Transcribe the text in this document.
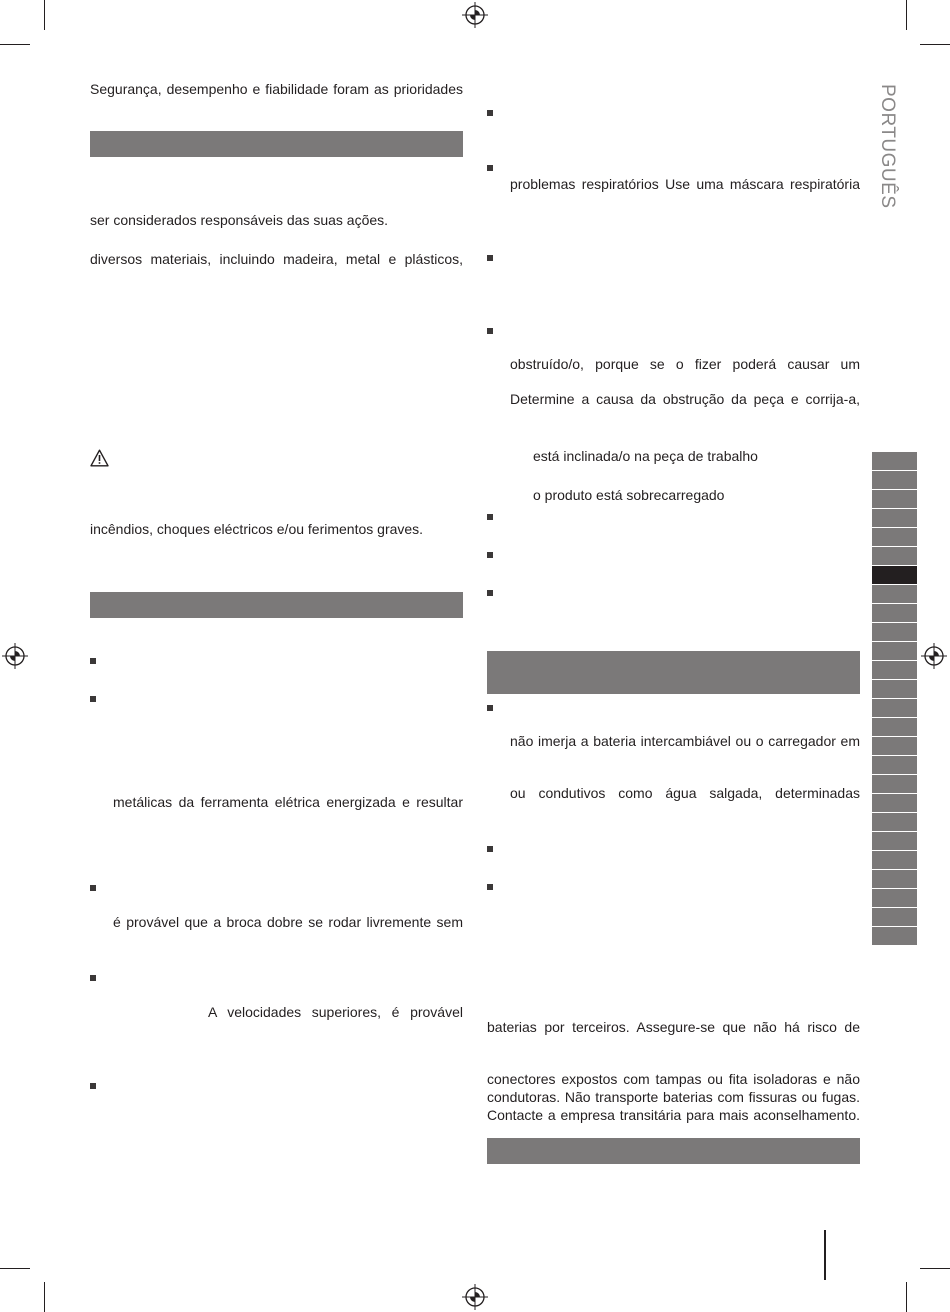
PORTUGUÊS
Segurança, desempenho e fiabilidade foram as prioridades
ser considerados responsáveis das suas ações.
diversos materiais, incluindo madeira, metal e plásticos,
incêndios, choques eléctricos e/ou ferimentos graves.
metálicas da ferramenta elétrica energizada e resultar
é provável que a broca dobre se rodar livremente sem
A velocidades superiores, é provável
problemas respiratórios Use uma máscara respiratória
obstruído/o, porque se o fizer poderá causar um
Determine a causa da obstrução da peça e corrija-a,
está inclinada/o na peça de trabalho
o produto está sobrecarregado
não imerja a bateria intercambiável ou o carregador em
ou condutivos como água salgada, determinadas
baterias por terceiros. Assegure-se que não há risco de
conectores expostos com tampas ou fita isoladoras e não
condutoras. Não transporte baterias com fissuras ou fugas.
Contacte a empresa transitária para mais aconselhamento.
